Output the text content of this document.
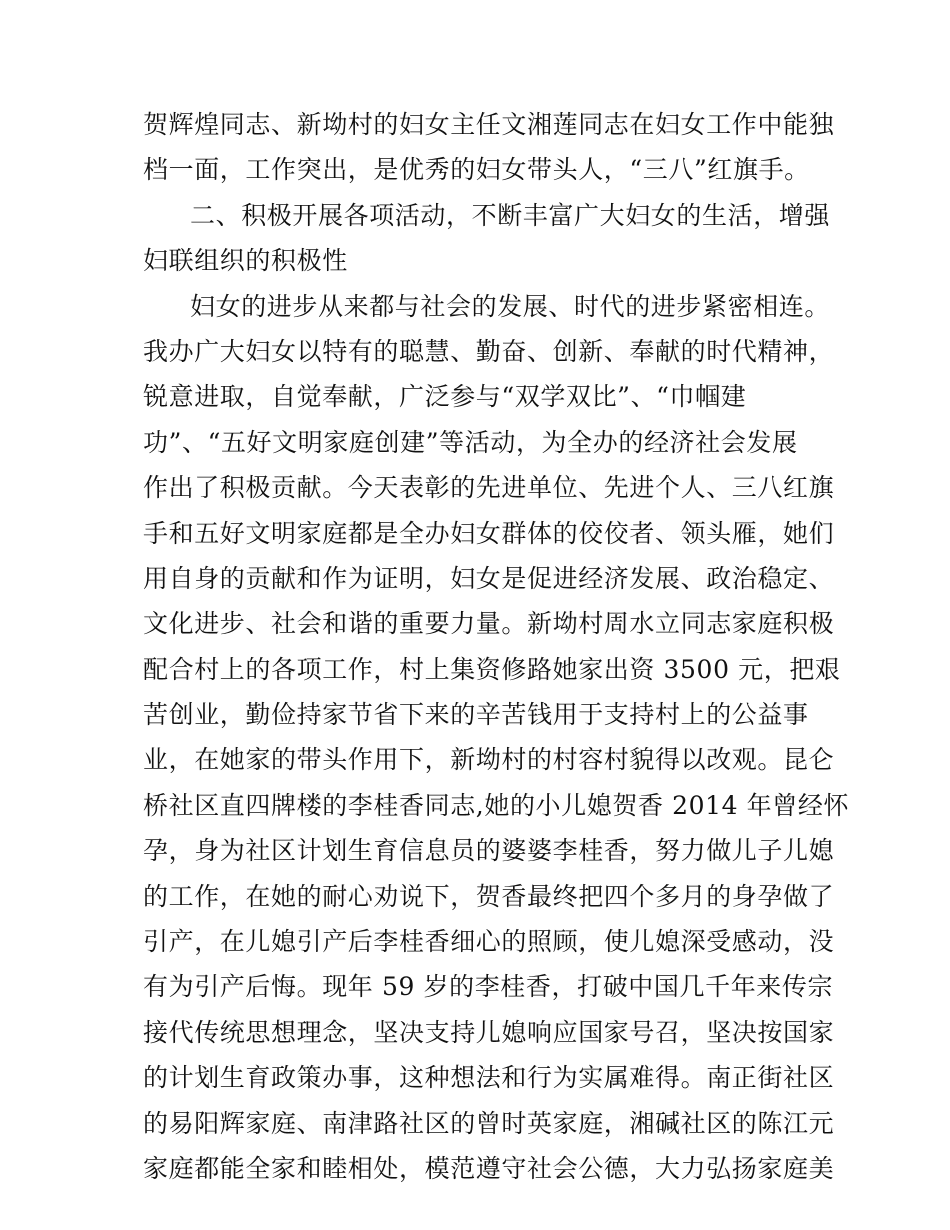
贺辉煌同志、新坳村的妇女主任文湘莲同志在妇女工作中能独
档一面，工作突出，是优秀的妇女带头人，“三八”红旗手。
二、积极开展各项活动，不断丰富广大妇女的生活，增强
妇联组织的积极性
妇女的进步从来都与社会的发展、时代的进步紧密相连。
我办广大妇女以特有的聪慧、勤奋、创新、奉献的时代精神，
锐意进取，自觉奉献，广泛参与“双学双比”、“巾帼建
功”、“五好文明家庭创建”等活动，为全办的经济社会发展
作出了积极贡献。今天表彰的先进单位、先进个人、三八红旗
手和五好文明家庭都是全办妇女群体的佼佼者、领头雁，她们
用自身的贡献和作为证明，妇女是促进经济发展、政治稳定、
文化进步、社会和谐的重要力量。新坳村周水立同志家庭积极
配合村上的各项工作，村上集资修路她家出资 3500 元，把艰
苦创业，勤俭持家节省下来的辛苦钱用于支持村上的公益事
业，在她家的带头作用下，新坳村的村容村貌得以改观。昆仑
桥社区直四牌楼的李桂香同志,她的小儿媳贺香 2014 年曾经怀
孕，身为社区计划生育信息员的婆婆李桂香，努力做儿子儿媳
的工作，在她的耐心劝说下，贺香最终把四个多月的身孕做了
引产，在儿媳引产后李桂香细心的照顾，使儿媳深受感动，没
有为引产后悔。现年 59 岁的李桂香，打破中国几千年来传宗
接代传统思想理念，坚决支持儿媳响应国家号召，坚决按国家
的计划生育政策办事，这种想法和行为实属难得。南正街社区
的易阳辉家庭、南津路社区的曾时英家庭，湘碱社区的陈江元
家庭都能全家和睦相处，模范遵守社会公德，大力弘扬家庭美
